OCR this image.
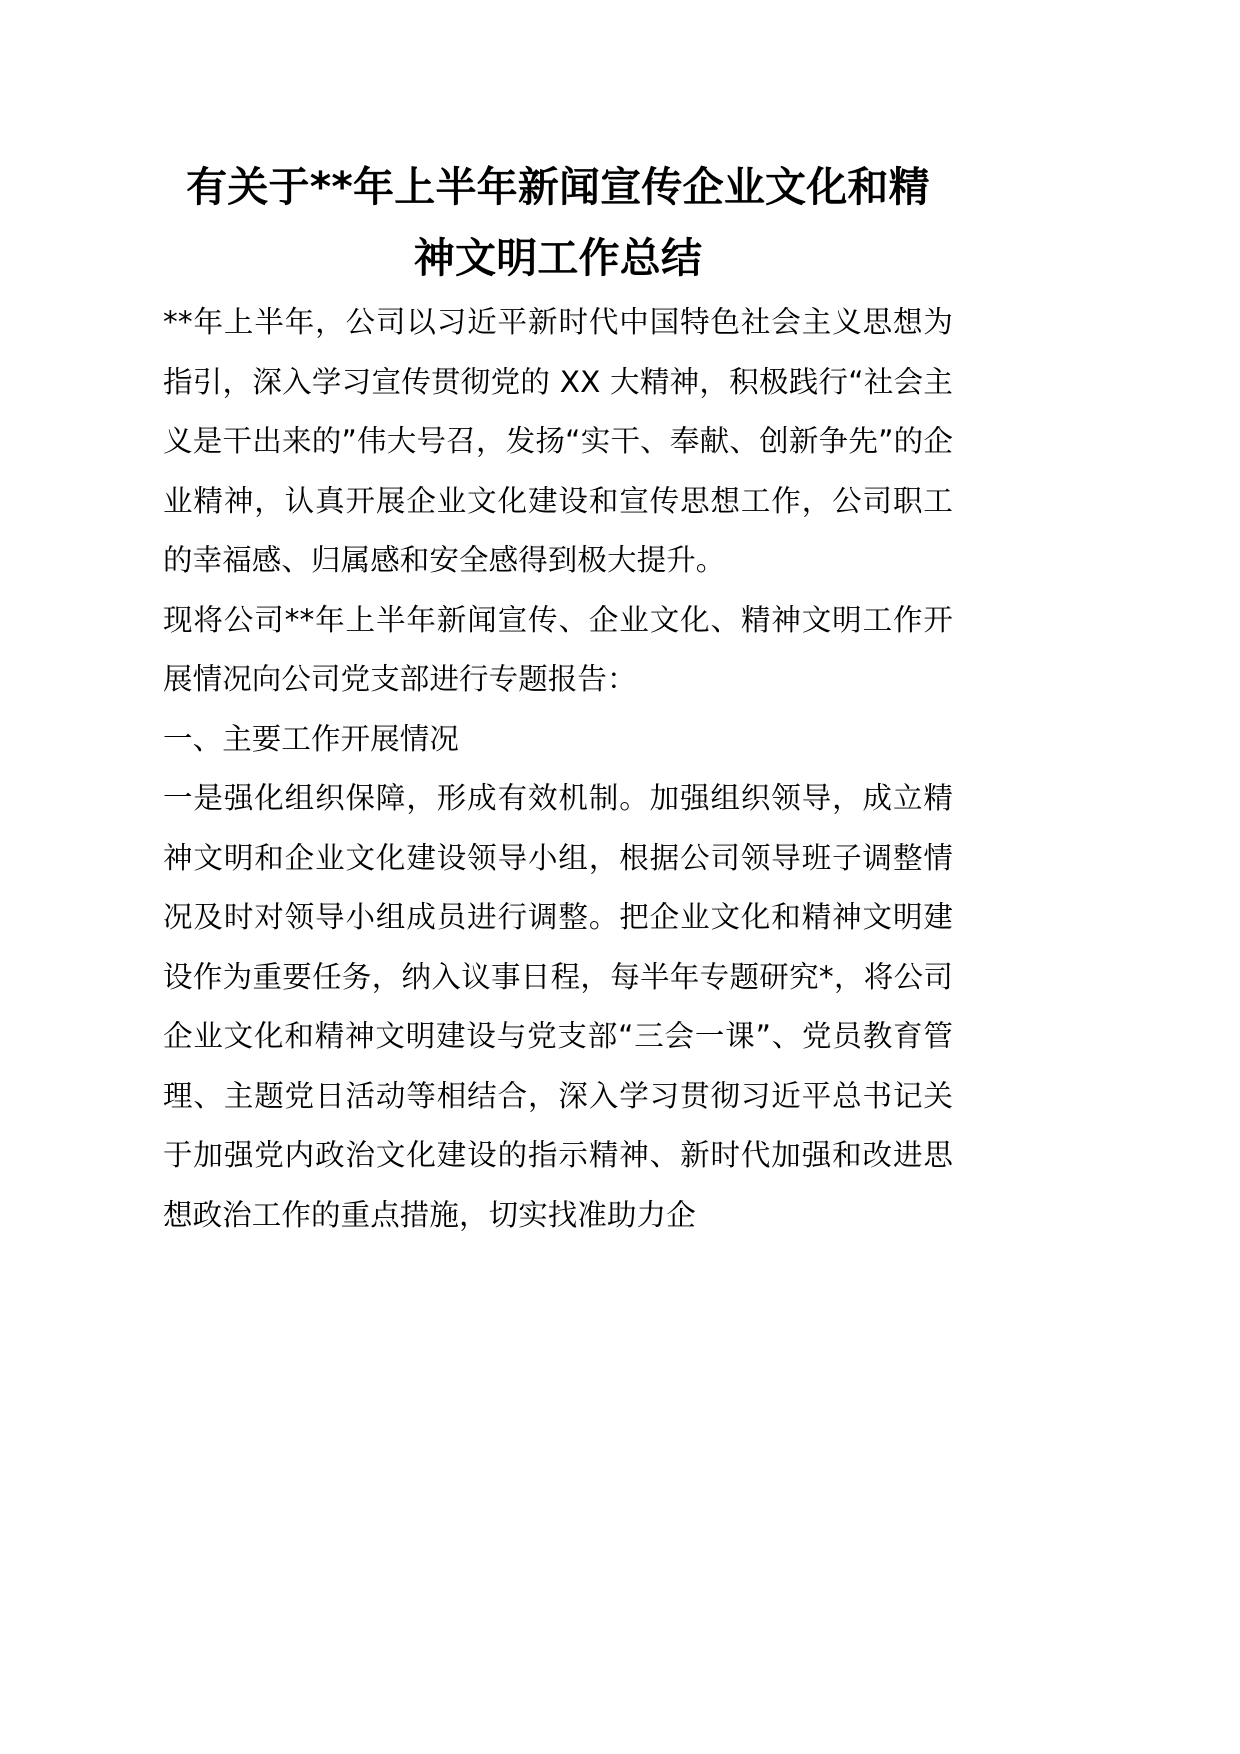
有关于**年上半年新闻宣传企业文化和精
神文明工作总结

**年上半年，公司以习近平新时代中国特色社会主义思想为指引，深入学习宣传贯彻党的 XX 大精神，积极践行“社会主义是干出来的”伟大号召，发扬“实干、奉献、创新争先”的企业精神，认真开展企业文化建设和宣传思想工作，公司职工的幸福感、归属感和安全感得到极大提升。

现将公司**年上半年新闻宣传、企业文化、精神文明工作开展情况向公司党支部进行专题报告：

一、主要工作开展情况

一是强化组织保障，形成有效机制。加强组织领导，成立精神文明和企业文化建设领导小组，根据公司领导班子调整情况及时对领导小组成员进行调整。把企业文化和精神文明建设作为重要任务，纳入议事日程，每半年专题研究*，将公司企业文化和精神文明建设与党支部“三会一课”、党员教育管理、主题党日活动等相结合，深入学习贯彻习近平总书记关于加强党内政治文化建设的指示精神、新时代加强和改进思想政治工作的重点措施，切实找准助力企
